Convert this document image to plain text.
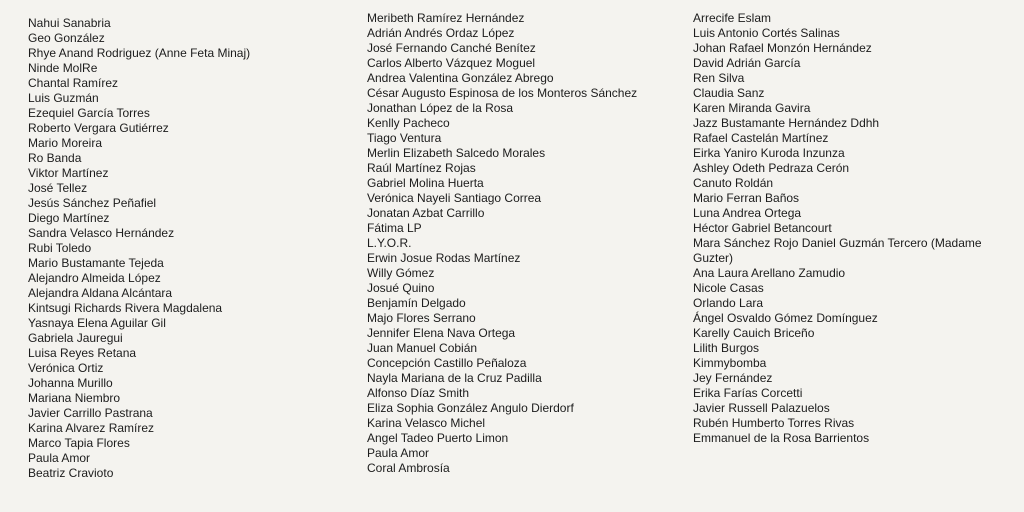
Nahui Sanabria
Geo González
Rhye Anand Rodriguez (Anne Feta Minaj)
Ninde MolRe
Chantal Ramírez
Luis Guzmán
Ezequiel García Torres
Roberto Vergara Gutiérrez
Mario Moreira
Ro Banda
Viktor Martínez
José Tellez
Jesús Sánchez Peñafiel
Diego Martínez
Sandra Velasco Hernández
Rubi Toledo
Mario Bustamante Tejeda
Alejandro Almeida López
Alejandra Aldana Alcántara
Kintsugi Richards Rivera Magdalena
Yasnaya Elena Aguilar Gil
Gabriela Jauregui
Luisa Reyes Retana
Verónica Ortiz
Johanna Murillo
Mariana Niembro
Javier Carrillo Pastrana
Karina Alvarez Ramírez
Marco Tapia Flores
Paula Amor
Beatriz Cravioto
Meribeth Ramírez Hernández
Adrián Andrés Ordaz López
José Fernando Canché Benítez
Carlos Alberto Vázquez Moguel
Andrea Valentina González Abrego
César Augusto Espinosa de los Monteros Sánchez
Jonathan López de la Rosa
Kenlly Pacheco
Tiago Ventura
Merlin Elizabeth Salcedo Morales
Raúl Martínez Rojas
Gabriel Molina Huerta
Verónica Nayeli Santiago Correa
Jonatan Azbat Carrillo
Fátima LP
L.Y.O.R.
Erwin Josue Rodas Martínez
Willy Gómez
Josué Quino
Benjamín Delgado
Majo Flores Serrano
Jennifer Elena Nava Ortega
Juan Manuel Cobián
Concepción Castillo Peñaloza
Nayla Mariana de la Cruz Padilla
Alfonso Díaz Smith
Eliza Sophia González Angulo Dierdorf
Karina Velasco Michel
Angel Tadeo Puerto Limon
Paula Amor
Coral Ambrosía
Arrecife Eslam
Luis Antonio Cortés Salinas
Johan Rafael Monzón Hernández
David Adrián García
Ren Silva
Claudia Sanz
Karen Miranda Gavira
Jazz Bustamante Hernández Ddhh
Rafael Castelán Martínez
Eirka Yaniro Kuroda Inzunza
Ashley Odeth Pedraza Cerón
Canuto Roldán
Mario Ferran Baños
Luna Andrea Ortega
Héctor Gabriel Betancourt
Mara Sánchez Rojo Daniel Guzmán Tercero (Madame Guzter)
Ana Laura Arellano Zamudio
Nicole Casas
Orlando Lara
Ángel Osvaldo Gómez Domínguez
Karelly Cauich Briceño
Lilith Burgos
Kimmybomba
Jey Fernández
Erika Farías Corcetti
Javier Russell Palazuelos
Rubén Humberto Torres Rivas
Emmanuel de la Rosa Barrientos
